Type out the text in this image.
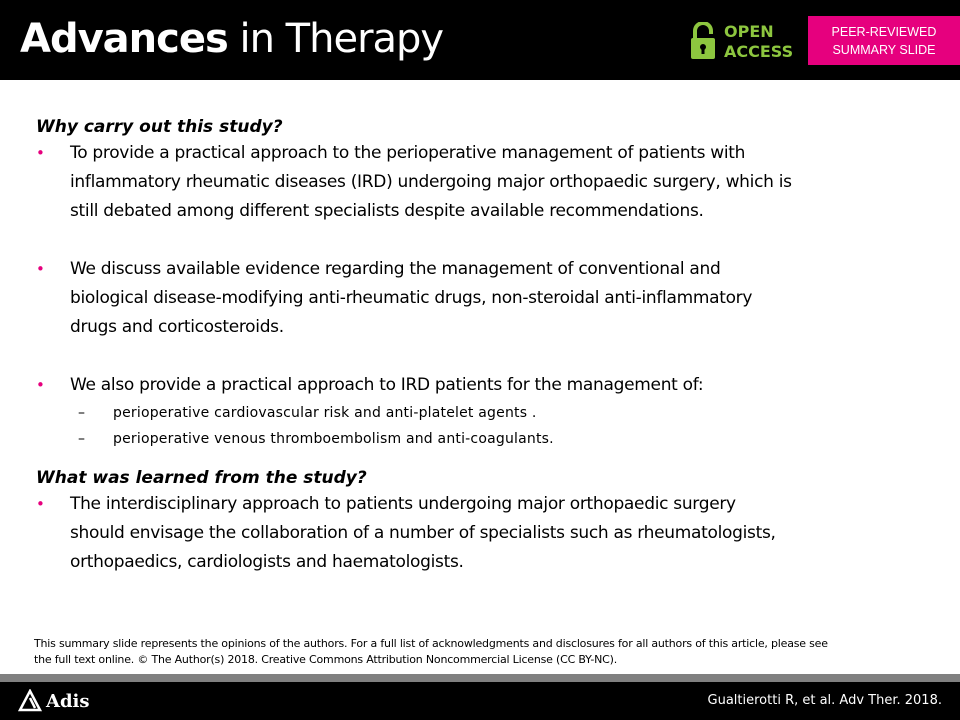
Advances in Therapy	OPEN
ACCESS
PEER-REVIEWED
SUMMARY SLIDE

Why carry out this study?

• To provide a practical approach to the perioperative management of patients with
inflammatory rheumatic diseases (IRD) undergoing major orthopaedic surgery, which is
still debated among different specialists despite available recommendations.
• We discuss available evidence regarding the management of conventional and
biological disease-modifying anti-rheumatic drugs, non-steroidal anti-inflammatory
drugs and corticosteroids.
• We also provide a practical approach to IRD patients for the management of:
– perioperative cardiovascular risk and anti-platelet agents .
– perioperative venous thromboembolism and anti-coagulants.

What was learned from the study?

• The interdisciplinary approach to patients undergoing major orthopaedic surgery
should envisage the collaboration of a number of specialists such as rheumatologists,
orthopaedics, cardiologists and haematologists.
This summary slide represents the opinions of the authors. For a full list of acknowledgments and disclosures for all authors of this article, please see
the full text online. © The Author(s) 2018. Creative Commons Attribution Noncommercial License (CC BY-NC).
Adis	Gualtierotti R, et al. Adv Ther. 2018.
